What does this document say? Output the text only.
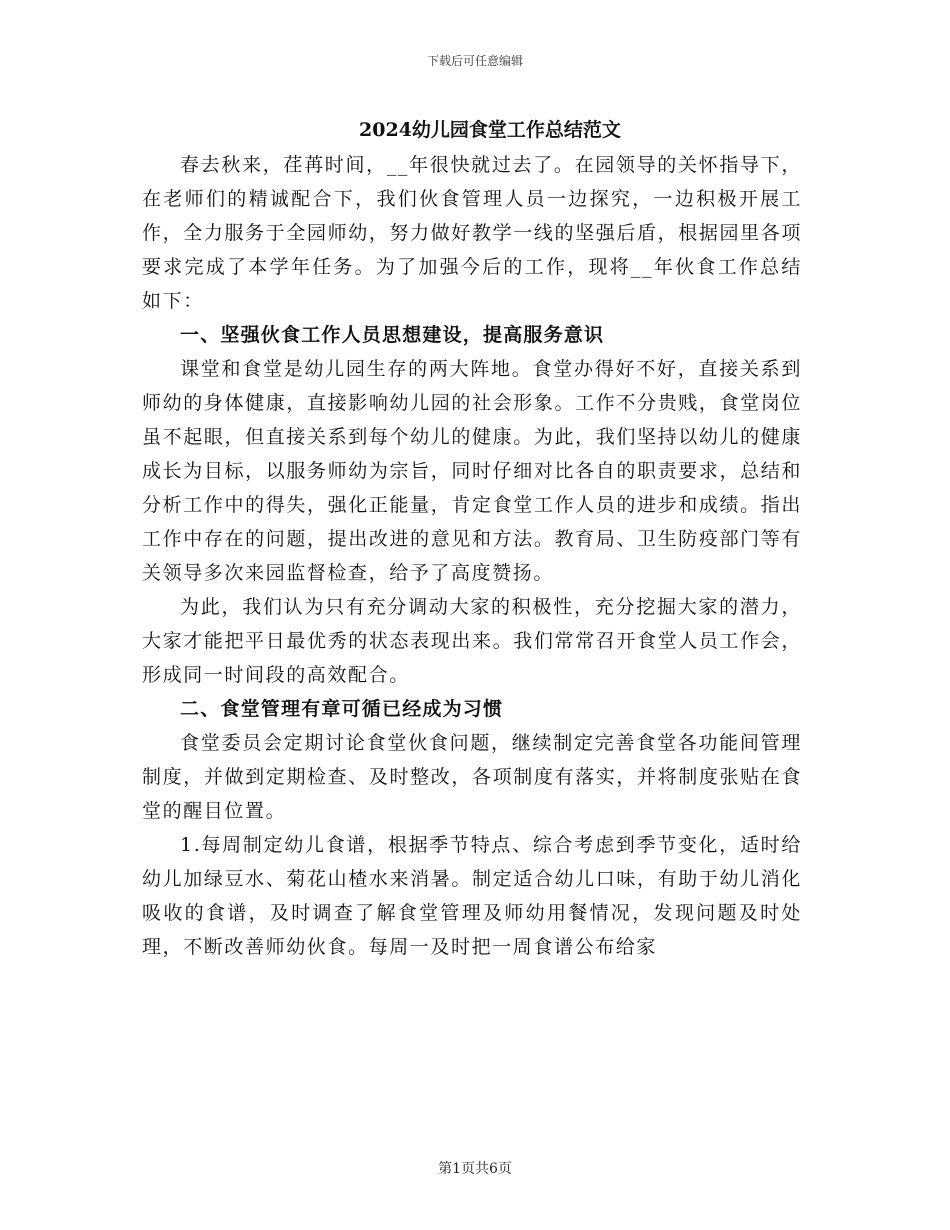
下载后可任意编辑
2024幼儿园食堂工作总结范文

春去秋来，荏苒时间，__年很快就过去了。在园领导的关怀指导下，在老师们的精诚配合下，我们伙食管理人员一边探究，一边积极开展工作，全力服务于全园师幼，努力做好教学一线的坚强后盾，根据园里各项要求完成了本学年任务。为了加强今后的工作，现将__年伙食工作总结如下：

一、坚强伙食工作人员思想建设，提高服务意识

课堂和食堂是幼儿园生存的两大阵地。食堂办得好不好，直接关系到师幼的身体健康，直接影响幼儿园的社会形象。工作不分贵贱，食堂岗位虽不起眼，但直接关系到每个幼儿的健康。为此，我们坚持以幼儿的健康成长为目标，以服务师幼为宗旨，同时仔细对比各自的职责要求，总结和分析工作中的得失，强化正能量，肯定食堂工作人员的进步和成绩。指出工作中存在的问题，提出改进的意见和方法。教育局、卫生防疫部门等有关领导多次来园监督检查，给予了高度赞扬。

为此，我们认为只有充分调动大家的积极性，充分挖掘大家的潜力，大家才能把平日最优秀的状态表现出来。我们常常召开食堂人员工作会，形成同一时间段的高效配合。

二、食堂管理有章可循已经成为习惯

食堂委员会定期讨论食堂伙食问题，继续制定完善食堂各功能间管理制度，并做到定期检查、及时整改，各项制度有落实，并将制度张贴在食堂的醒目位置。

1.每周制定幼儿食谱，根据季节特点、综合考虑到季节变化，适时给幼儿加绿豆水、菊花山楂水来消暑。制定适合幼儿口味，有助于幼儿消化吸收的食谱，及时调查了解食堂管理及师幼用餐情况，发现问题及时处理，不断改善师幼伙食。每周一及时把一周食谱公布给家

第1页共6页
